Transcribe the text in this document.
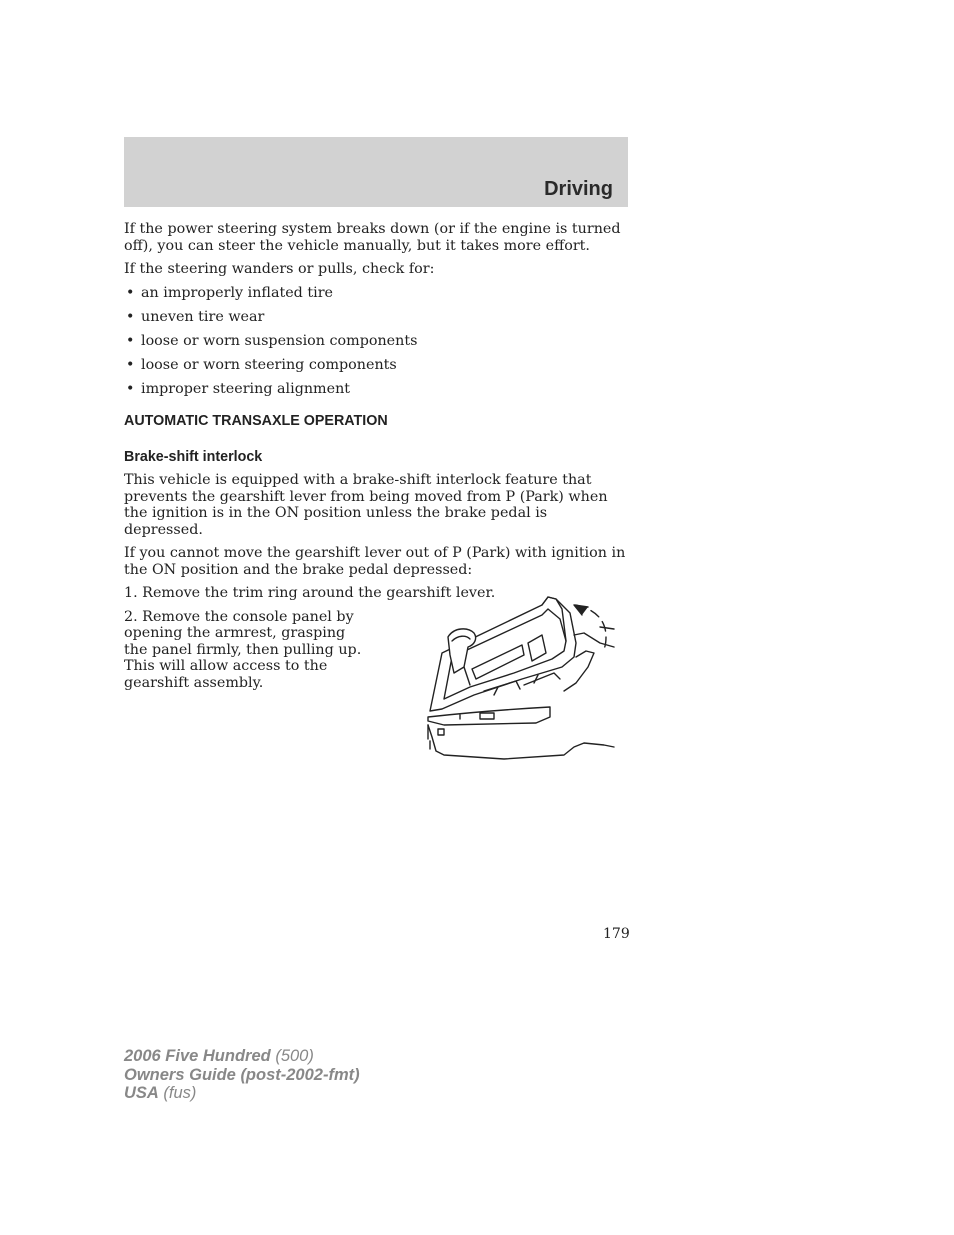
Driving

If the power steering system breaks down (or if the engine is turned off), you can steer the vehicle manually, but it takes more effort.

If the steering wanders or pulls, check for:

• an improperly inflated tire
• uneven tire wear
• loose or worn suspension components
• loose or worn steering components
• improper steering alignment
AUTOMATIC TRANSAXLE OPERATION
Brake-shift interlock

This vehicle is equipped with a brake-shift interlock feature that prevents the gearshift lever from being moved from P (Park) when the ignition is in the ON position unless the brake pedal is depressed.

If you cannot move the gearshift lever out of P (Park) with ignition in the ON position and the brake pedal depressed:

1. Remove the trim ring around the gearshift lever.

2. Remove the console panel by opening the armrest, grasping the panel firmly, then pulling up. This will allow access to the gearshift assembly.

179
2006 Five Hundred (500)
Owners Guide (post-2002-fmt)
USA (fus)
